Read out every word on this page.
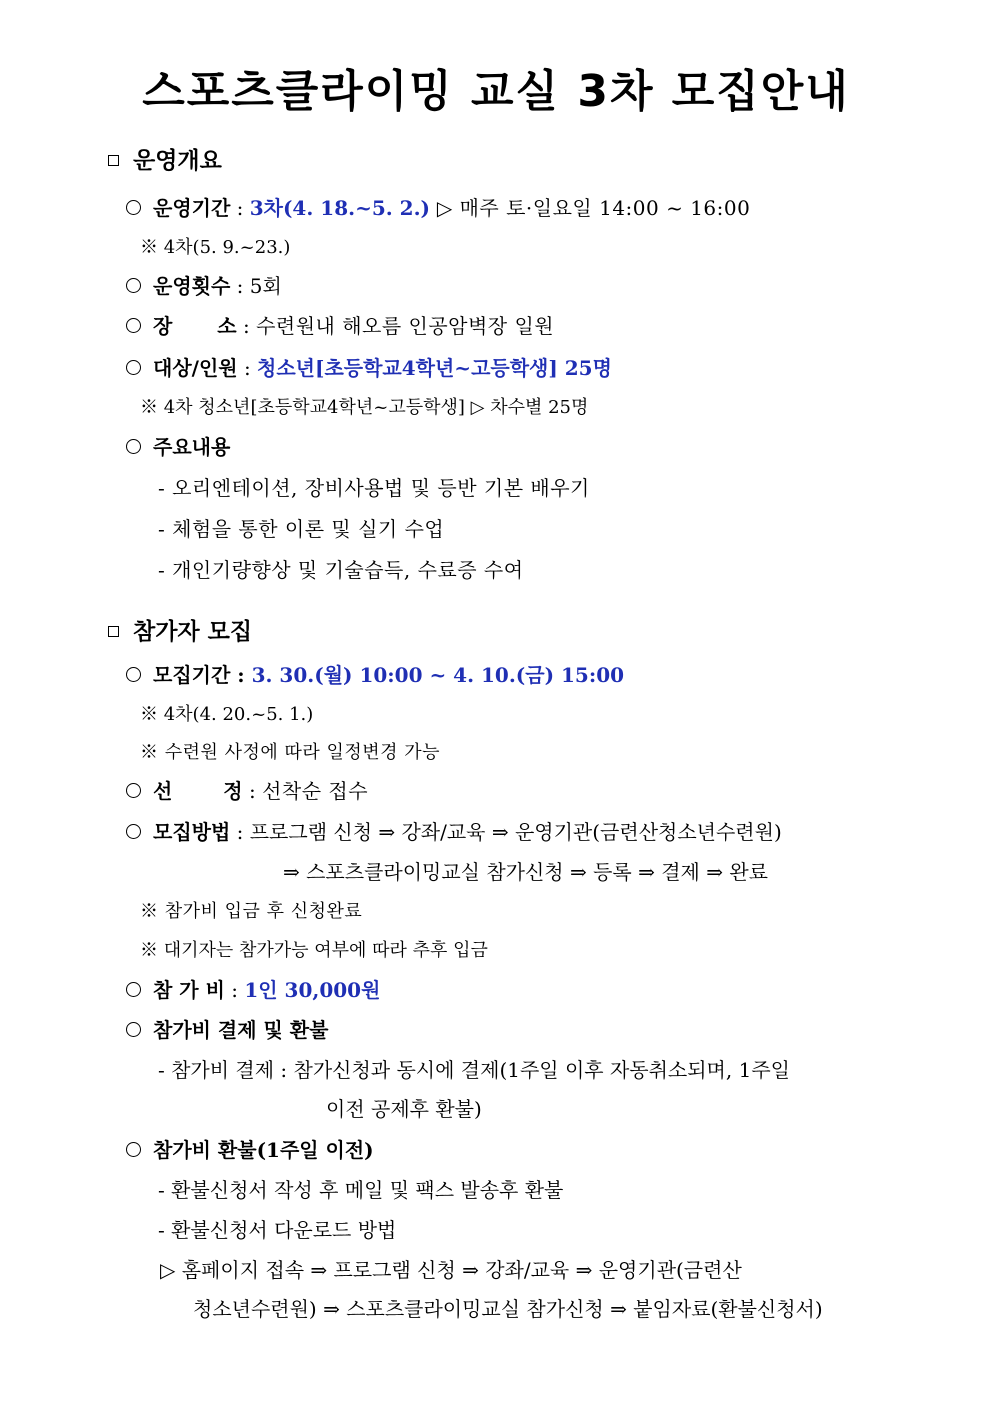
스포츠클라이밍 교실 3차 모집안내
운영개요
운영기간 : 3차(4. 18.~5. 2.) ▷ 매주 토·일요일 14:00 ~ 16:00
※ 4차(5. 9.~23.)
운영횟수 : 5회
장 소 : 수련원내 해오름 인공암벽장 일원
대상/인원 : 청소년[초등학교4학년~고등학생] 25명
※ 4차 청소년[초등학교4학년~고등학생] ▷ 차수별 25명
주요내용
- 오리엔테이션, 장비사용법 및 등반 기본 배우기
- 체험을 통한 이론 및 실기 수업
- 개인기량향상 및 기술습득, 수료증 수여
참가자 모집
모집기간 : 3. 30.(월) 10:00 ~ 4. 10.(금) 15:00
※ 4차(4. 20.~5. 1.)
※ 수련원 사정에 따라 일정변경 가능
선 정 : 선착순 접수
모집방법 : 프로그램 신청 ⇒ 강좌/교육 ⇒ 운영기관(금련산청소년수련원)
⇒ 스포츠클라이밍교실 참가신청 ⇒ 등록 ⇒ 결제 ⇒ 완료
※ 참가비 입금 후 신청완료
※ 대기자는 참가가능 여부에 따라 추후 입금
참 가 비 : 1인 30,000원
참가비 결제 및 환불
- 참가비 결제 : 참가신청과 동시에 결제(1주일 이후 자동취소되며, 1주일
이전 공제후 환불)
참가비 환불(1주일 이전)
- 환불신청서 작성 후 메일 및 팩스 발송후 환불
- 환불신청서 다운로드 방법
▷ 홈페이지 접속 ⇒ 프로그램 신청 ⇒ 강좌/교육 ⇒ 운영기관(금련산
청소년수련원) ⇒ 스포츠클라이밍교실 참가신청 ⇒ 붙임자료(환불신청서)
